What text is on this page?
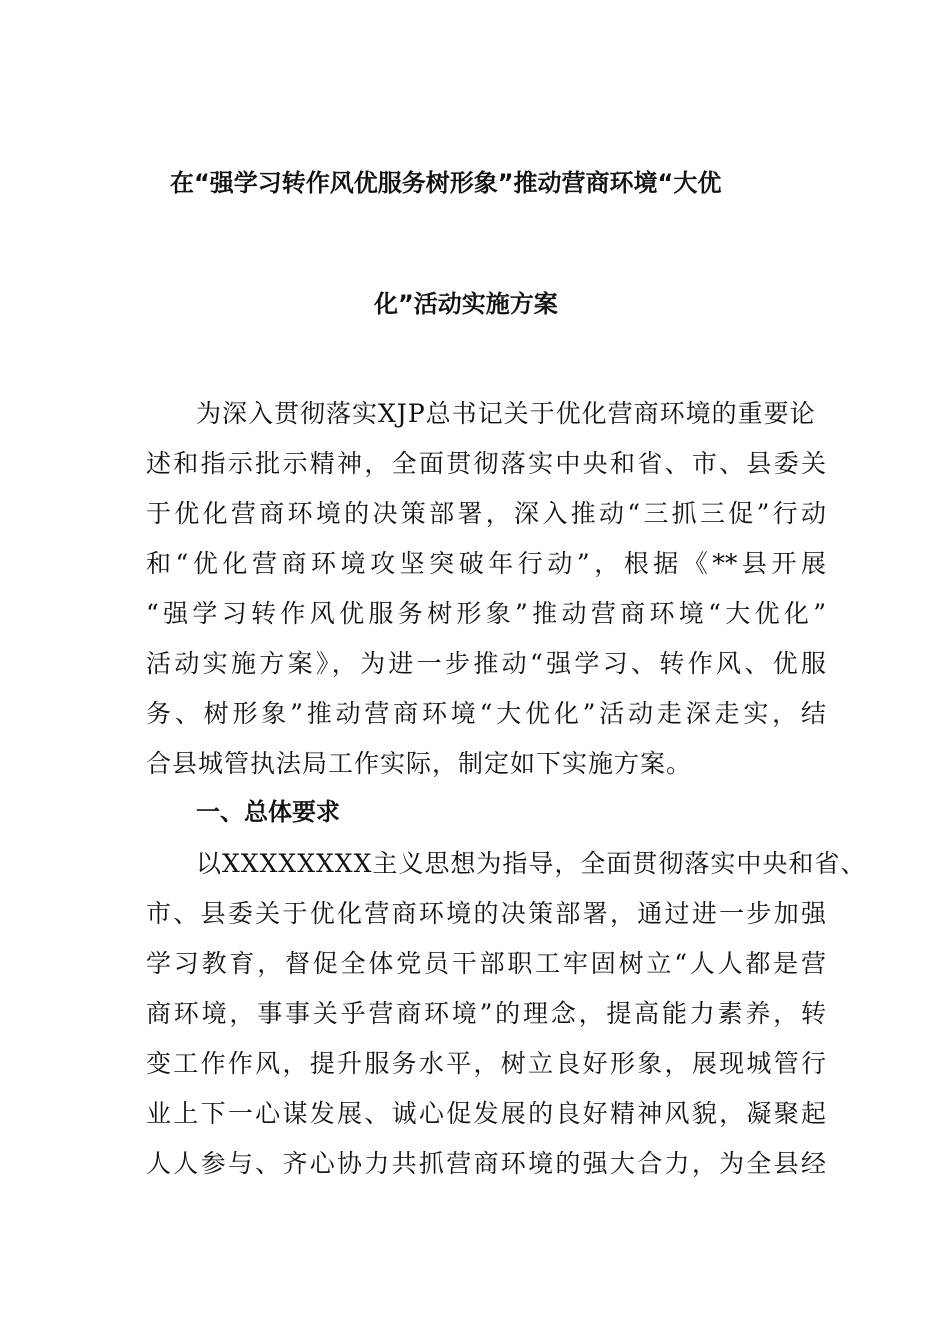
在“强学习转作风优服务树形象”推动营商环境“大优
化”活动实施方案
为深入贯彻落实XJP总书记关于优化营商环境的重要论
述和指示批示精神，全面贯彻落实中央和省、市、县委关
于优化营商环境的决策部署，深入推动“三抓三促”行动
和“优化营商环境攻坚突破年行动”，根据《**县开展
“强学习转作风优服务树形象”推动营商环境“大优化”
活动实施方案》，为进一步推动“强学习、转作风、优服
务、树形象”推动营商环境“大优化”活动走深走实，结
合县城管执法局工作实际，制定如下实施方案。
一、总体要求
以XXXXXXXX主义思想为指导，全面贯彻落实中央和省、
市、县委关于优化营商环境的决策部署，通过进一步加强
学习教育，督促全体党员干部职工牢固树立“人人都是营
商环境，事事关乎营商环境”的理念，提高能力素养，转
变工作作风，提升服务水平，树立良好形象，展现城管行
业上下一心谋发展、诚心促发展的良好精神风貌，凝聚起
人人参与、齐心协力共抓营商环境的强大合力，为全县经
